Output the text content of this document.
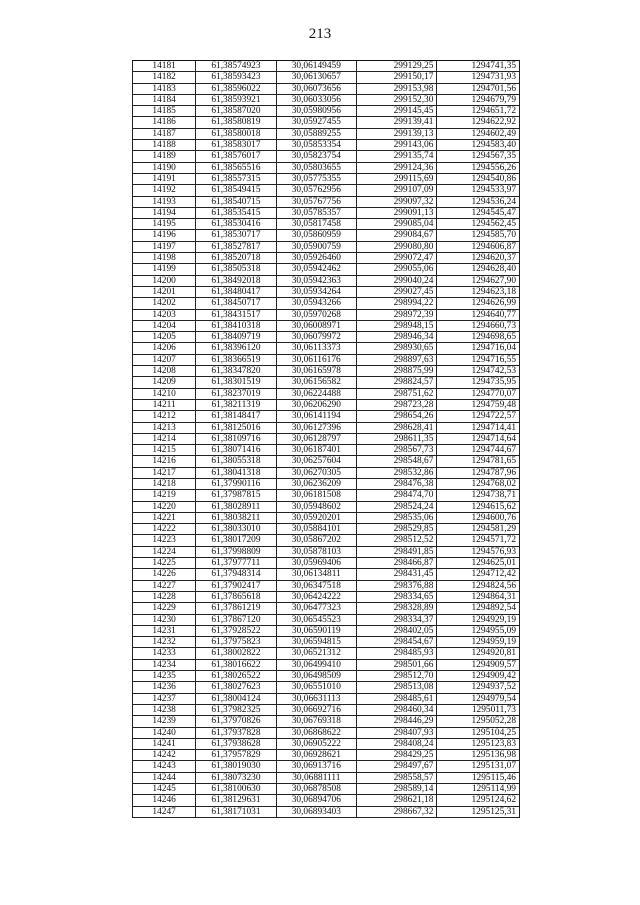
213
14181	61,38574923	30,06149459	299129,25	1294741,35
14182	61,38593423	30,06130657	299150,17	1294731,93
14183	61,38596022	30,06073656	299153,98	1294701,56
14184	61,38593921	30,06033056	299152,30	1294679,79
14185	61,38587020	30,05980956	299145,45	1294651,72
14186	61,38580819	30,05927455	299139,41	1294622,92
14187	61,38580018	30,05889255	299139,13	1294602,49
14188	61,38583017	30,05853354	299143,06	1294583,40
14189	61,38576017	30,05823754	299135,74	1294567,35
14190	61,38565516	30,05803655	299124,36	1294556,26
14191	61,38557315	30,05775355	299115,69	1294540,86
14192	61,38549415	30,05762956	299107,09	1294533,97
14193	61,38540715	30,05767756	299097,32	1294536,24
14194	61,38535415	30,05785357	299091,13	1294545,47
14195	61,38530416	30,05817458	299085,04	1294562,45
14196	61,38530717	30,05860959	299084,67	1294585,70
14197	61,38527817	30,05900759	299080,80	1294606,87
14198	61,38520718	30,05926460	299072,47	1294620,37
14199	61,38505318	30,05942462	299055,06	1294628,40
14200	61,38492018	30,05942363	299040,24	1294627,90
14201	61,38480417	30,05934264	299027,45	1294623,18
14202	61,38450717	30,05943266	298994,22	1294626,99
14203	61,38431517	30,05970268	298972,39	1294640,77
14204	61,38410318	30,06008971	298948,15	1294660,73
14205	61,38409719	30,06079972	298946,34	1294698,65
14206	61,38396120	30,06113373	298930,65	1294716,04
14207	61,38366519	30,06116176	298897,63	1294716,55
14208	61,38347820	30,06165978	298875,99	1294742,53
14209	61,38301519	30,06156582	298824,57	1294735,95
14210	61,38237019	30,06224488	298751,62	1294770,07
14211	61,38211319	30,06206290	298723,28	1294759,48
14212	61,38148417	30,06141194	298654,26	1294722,57
14213	61,38125016	30,06127396	298628,41	1294714,41
14214	61,38109716	30,06128797	298611,35	1294714,64
14215	61,38071416	30,06187401	298567,73	1294744,67
14216	61,38055318	30,06257604	298548,67	1294781,65
14217	61,38041318	30,06270305	298532,86	1294787,96
14218	61,37990116	30,06236209	298476,38	1294768,02
14219	61,37987815	30,06181508	298474,70	1294738,71
14220	61,38028911	30,05948602	298524,24	1294615,62
14221	61,38038211	30,05920201	298535,06	1294600,76
14222	61,38033010	30,05884101	298529,85	1294581,29
14223	61,38017209	30,05867202	298512,52	1294571,72
14224	61,37998809	30,05878103	298491,85	1294576,93
14225	61,37977711	30,05969406	298466,87	1294625,01
14226	61,37948314	30,06134811	298431,45	1294712,42
14227	61,37902417	30,06347518	298376,88	1294824,56
14228	61,37865618	30,06424222	298334,65	1294864,31
14229	61,37861219	30,06477323	298328,89	1294892,54
14230	61,37867120	30,06545523	298334,37	1294929,19
14231	61,37928522	30,06590119	298402,05	1294955,09
14232	61,37975823	30,06594815	298454,67	1294959,19
14233	61,38002822	30,06521312	298485,93	1294920,81
14234	61,38016622	30,06499410	298501,66	1294909,57
14235	61,38026522	30,06498509	298512,70	1294909,42
14236	61,38027623	30,06551010	298513,08	1294937,52
14237	61,38004124	30,06631113	298485,61	1294979,54
14238	61,37982325	30,06692716	298460,34	1295011,73
14239	61,37970826	30,06769318	298446,29	1295052,28
14240	61,37937828	30,06868622	298407,93	1295104,25
14241	61,37938628	30,06905222	298408,24	1295123,83
14242	61,37957829	30,06928621	298429,25	1295136,98
14243	61,38019030	30,06913716	298497,67	1295131,07
14244	61,38073230	30,06881111	298558,57	1295115,46
14245	61,38100630	30,06878508	298589,14	1295114,99
14246	61,38129631	30,06894706	298621,18	1295124,62
14247	61,38171031	30,06893403	298667,32	1295125,31
